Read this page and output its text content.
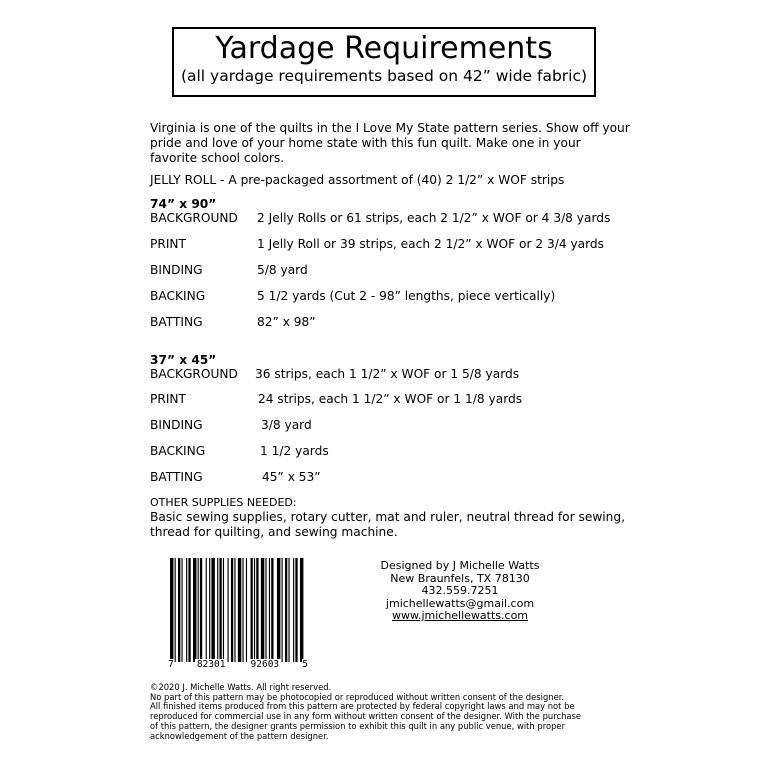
Yardage Requirements
(all yardage requirements based on 42” wide fabric)
Virginia is one of the quilts in the I Love My State pattern series. Show off your
pride and love of your home state with this fun quilt. Make one in your
favorite school colors.
JELLY ROLL - A pre-packaged assortment of (40) 2 1/2” x WOF strips
74” x 90”
BACKGROUND 2 Jelly Rolls or 61 strips, each 2 1/2” x WOF or 4 3/8 yards
PRINT	1 Jelly Roll or 39 strips, each 2 1/2” x WOF or 2 3/4 yards
BINDING	5/8 yard
BACKING	5 1/2 yards (Cut 2 - 98” lengths, piece vertically)
BATTING	82” x 98”
37” x 45”
BACKGROUND 36 strips, each 1 1/2” x WOF or 1 5/8 yards
PRINT	24 strips, each 1 1/2” x WOF or 1 1/8 yards
BINDING	3/8 yard
BACKING	1 1/2 yards
BATTING	45” x 53”
OTHER SUPPLIES NEEDED:
Basic sewing supplies, rotary cutter, mat and ruler, neutral thread for sewing,
thread for quilting, and sewing machine.
7 82301	92603 5
Designed by J Michelle Watts
New Braunfels, TX 78130
432.559.7251
jmichellewatts@gmail.com
www.jmichellewatts.com
©2020 J. Michelle Watts. All right reserved.
No part of this pattern may be photocopied or reproduced without written consent of the designer.
All finished items produced from this pattern are protected by federal copyright laws and may not be
reproduced for commercial use in any form without written consent of the designer. With the purchase
of this pattern, the designer grants permission to exhibit this quilt in any public venue, with proper
acknowledgement of the pattern designer.
